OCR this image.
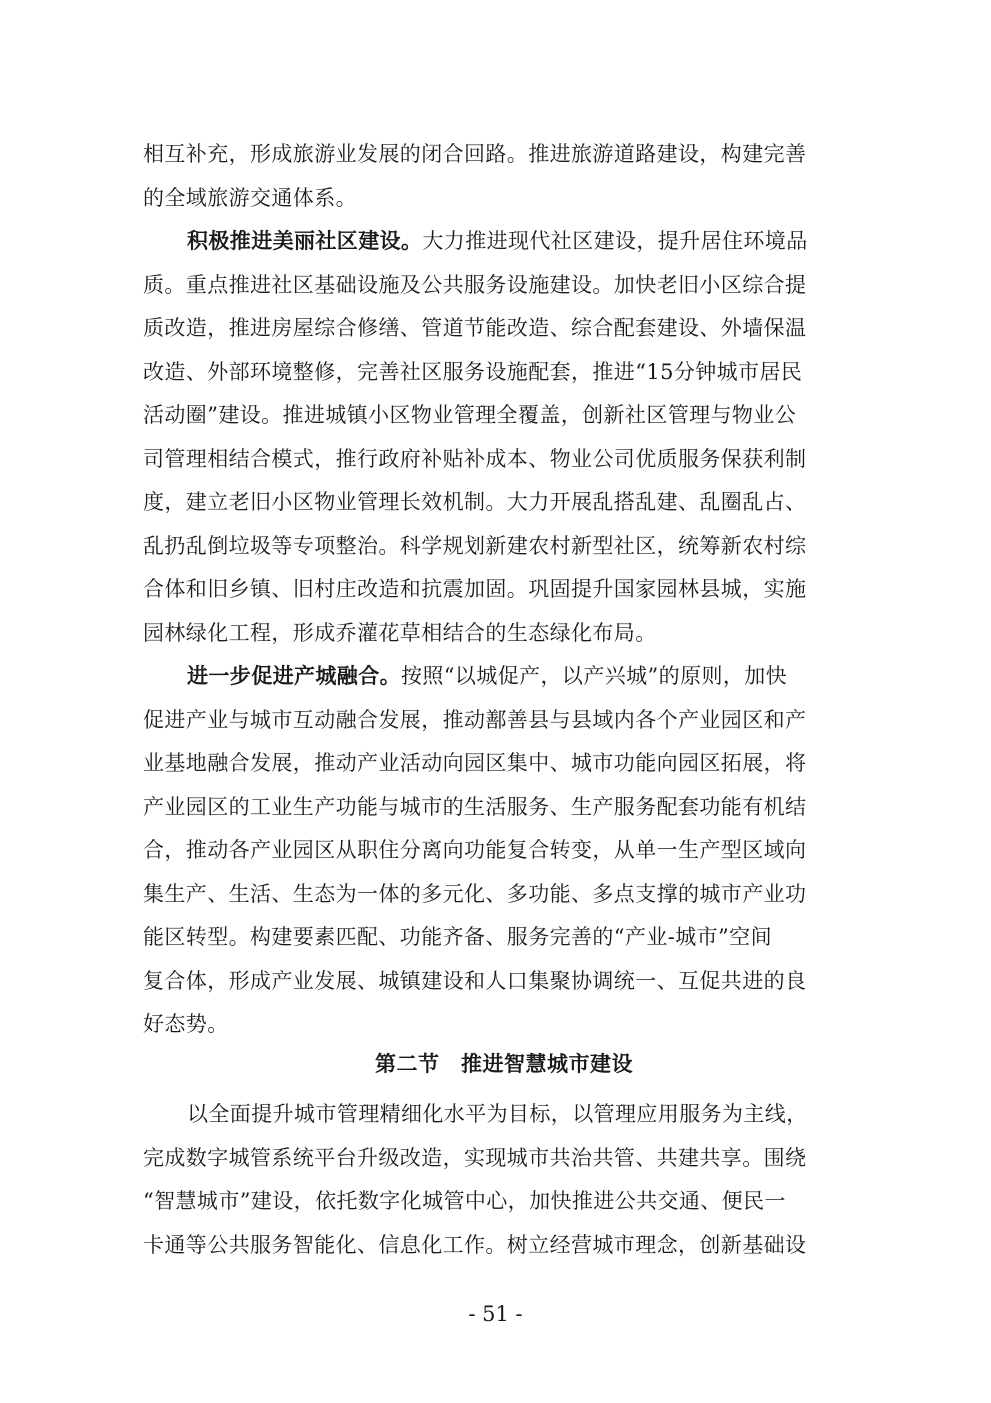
相互补充，形成旅游业发展的闭合回路。推进旅游道路建设，构建完善

的全域旅游交通体系。

积极推进美丽社区建设。大力推进现代社区建设，提升居住环境品

质。重点推进社区基础设施及公共服务设施建设。加快老旧小区综合提

质改造，推进房屋综合修缮、管道节能改造、综合配套建设、外墙保温

改造、外部环境整修，完善社区服务设施配套，推进“15分钟城市居民

活动圈”建设。推进城镇小区物业管理全覆盖，创新社区管理与物业公

司管理相结合模式，推行政府补贴补成本、物业公司优质服务保获利制

度，建立老旧小区物业管理长效机制。大力开展乱搭乱建、乱圈乱占、

乱扔乱倒垃圾等专项整治。科学规划新建农村新型社区，统筹新农村综

合体和旧乡镇、旧村庄改造和抗震加固。巩固提升国家园林县城，实施

园林绿化工程，形成乔灌花草相结合的生态绿化布局。

进一步促进产城融合。按照“以城促产，以产兴城”的原则，加快

促进产业与城市互动融合发展，推动鄯善县与县域内各个产业园区和产

业基地融合发展，推动产业活动向园区集中、城市功能向园区拓展，将

产业园区的工业生产功能与城市的生活服务、生产服务配套功能有机结

合，推动各产业园区从职住分离向功能复合转变，从单一生产型区域向

集生产、生活、生态为一体的多元化、多功能、多点支撑的城市产业功

能区转型。构建要素匹配、功能齐备、服务完善的“产业-城市”空间

复合体，形成产业发展、城镇建设和人口集聚协调统一、互促共进的良

好态势。

第二节　推进智慧城市建设

以全面提升城市管理精细化水平为目标，以管理应用服务为主线，

完成数字城管系统平台升级改造，实现城市共治共管、共建共享。围绕

“智慧城市”建设，依托数字化城管中心，加快推进公共交通、便民一

卡通等公共服务智能化、信息化工作。树立经营城市理念，创新基础设

- 51 -
